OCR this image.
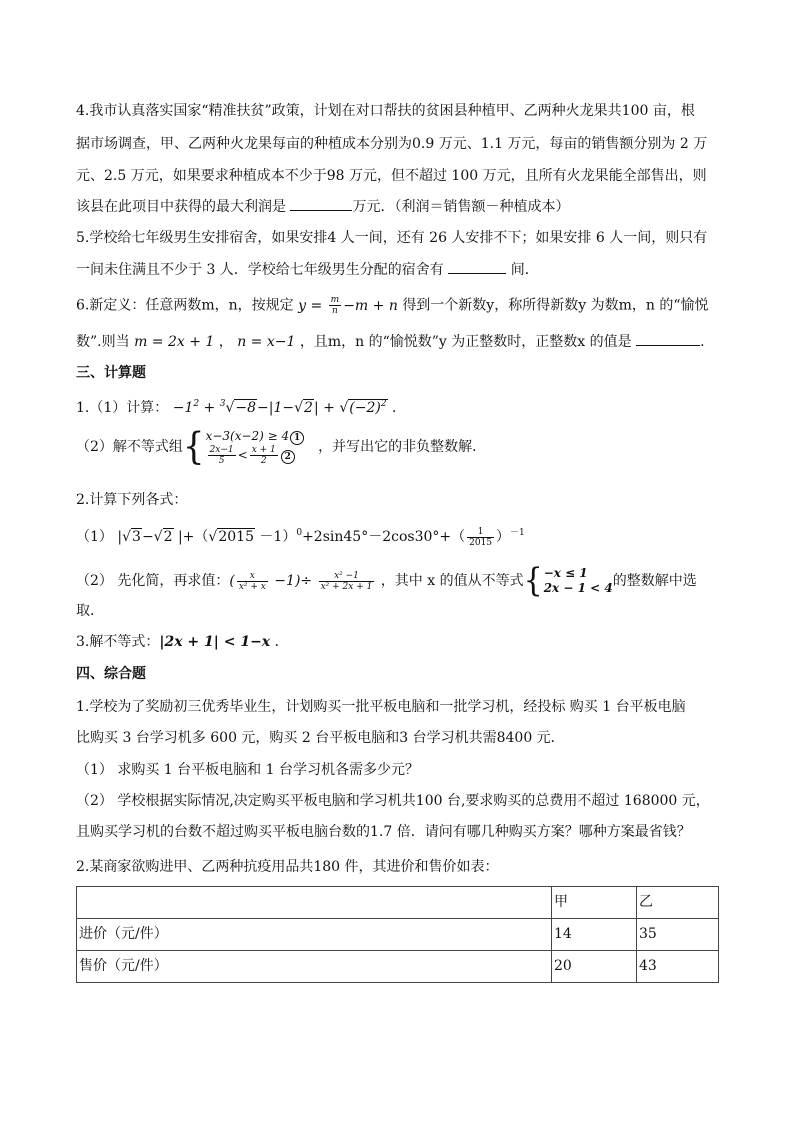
4.我市认真落实国家“精准扶贫”政策，计划在对口帮扶的贫困县种植甲、乙两种火龙果共100 亩，根
据市场调查，甲、乙两种火龙果每亩的种植成本分别为0.9 万元、1.1 万元，每亩的销售额分别为 2 万
元、2.5 万元，如果要求种植成本不少于98 万元，但不超过 100 万元，且所有火龙果能全部售出，则
该县在此项目中获得的最大利润是	万元．（利润＝销售额－种植成本）
5.学校给七年级男生安排宿舍，如果安排4 人一间，还有 26 人安排不下；如果安排 6 人一间，则只有
一间未住满且不少于 3 人．学校给七年级男生分配的宿舍有	间．
6.新定义：任意两数m，n，按规定 $y = \frac{m}{n} -m + n$ 得到一个新数y，称所得新数y 为数m，n 的“愉悦
数”.则当 m = 2x + 1 ， n = x−1 ，且m，n 的“愉悦数”y 为正整数时，正整数x 的值是	.
三、计算题
1.（1）计算： $-1^2 + ^3√-8-|1-√2| + √(-2)^2$ ．
（2）解不等式组{ x−3(x−2) ≥ 4 1
$\frac{2x-1}{5} < \frac{x + 1}{2} 2$
　，并写出它的非负整数解．
2.计算下列各式：
（1） |√3−√2 $|+(√2015 -1)^0+2\sin 45^\circ-2\cos 30^\circ+( \frac{1}{2015} )^{-1}$
（2） 先化简，再求值：( $\frac{x}{\text{x² + x}} -1)\div \frac{\text{x² −1}}{\text{x² + 2x + 1}}$ ，其中 x 的值从不等式{ −x ≤ 1
2x − 1 < 4 的整数解中选
取．
3.解不等式：|2x + 1| < 1−x ．
四、综合题
1.学校为了奖励初三优秀毕业生，计划购买一批平板电脑和一批学习机，经投标 购买 1 台平板电脑
比购买 3 台学习机多 600 元，购买 2 台平板电脑和3 台学习机共需8400 元．
（1） 求购买 1 台平板电脑和 1 台学习机各需多少元？
（2） 学校根据实际情况,决定购买平板电脑和学习机共100 台,要求购买的总费用不超过 168000 元，
且购买学习机的台数不超过购买平板电脑台数的1.7 倍．请问有哪几种购买方案？哪种方案最省钱？
2.某商家欲购进甲、乙两种抗疫用品共180 件，其进价和售价如表：
	甲	乙
进价（元/件）	14	35
售价（元/件）	20	43
